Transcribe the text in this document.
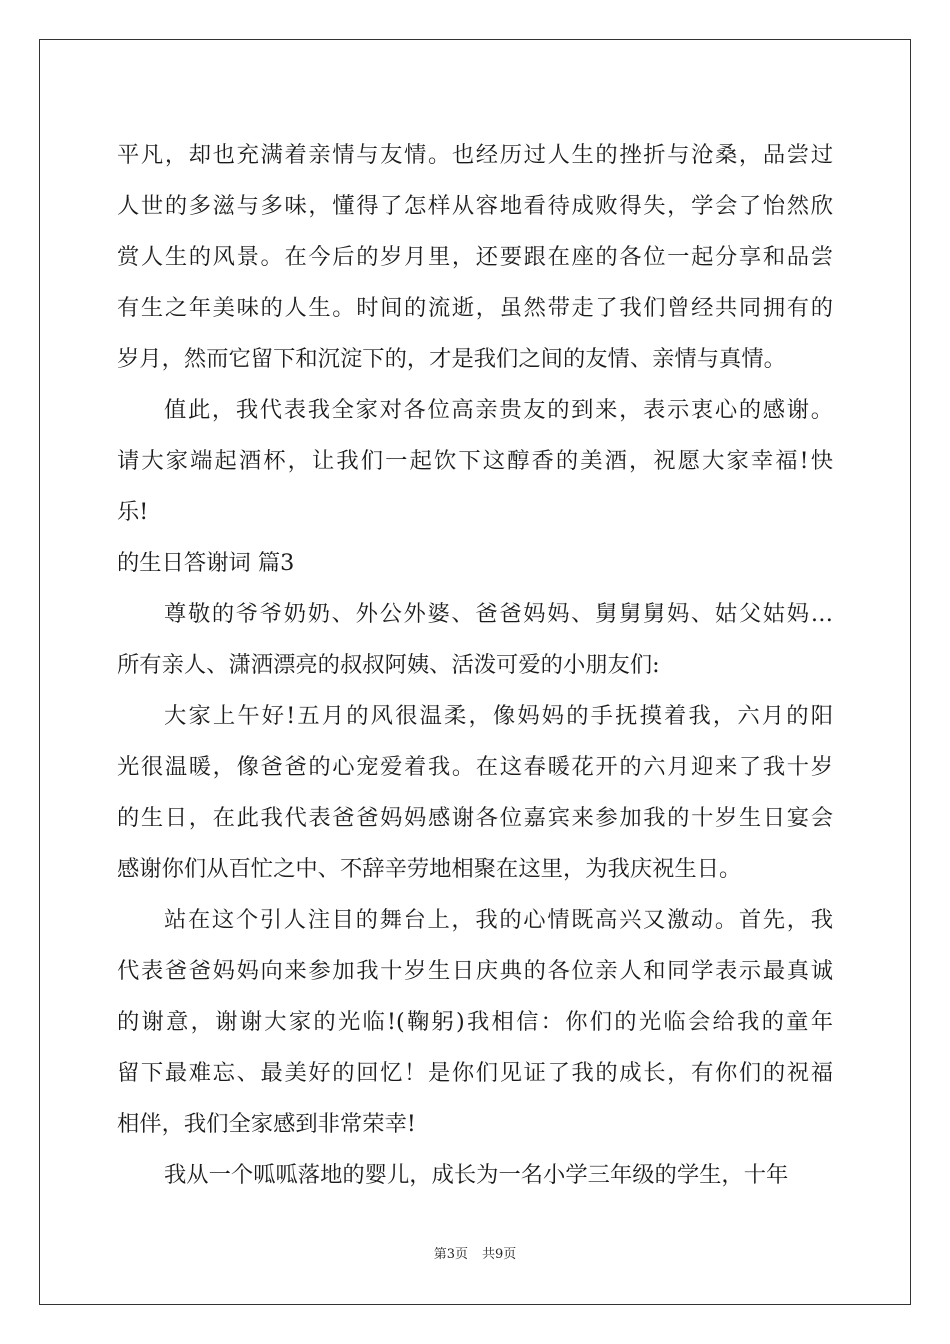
平凡，却也充满着亲情与友情。也经历过人生的挫折与沧桑，品尝过
人世的多滋与多味，懂得了怎样从容地看待成败得失，学会了怡然欣
赏人生的风景。在今后的岁月里，还要跟在座的各位一起分享和品尝
有生之年美味的人生。时间的流逝，虽然带走了我们曾经共同拥有的
岁月，然而它留下和沉淀下的，才是我们之间的友情、亲情与真情。
值此，我代表我全家对各位高亲贵友的到来，表示衷心的感谢。
请大家端起酒杯，让我们一起饮下这醇香的美酒，祝愿大家幸福!快
乐!
的生日答谢词 篇3
尊敬的爷爷奶奶、外公外婆、爸爸妈妈、舅舅舅妈、姑父姑妈…
所有亲人、潇洒漂亮的叔叔阿姨、活泼可爱的小朋友们:
大家上午好!五月的风很温柔，像妈妈的手抚摸着我，六月的阳
光很温暖，像爸爸的心宠爱着我。在这春暖花开的六月迎来了我十岁
的生日，在此我代表爸爸妈妈感谢各位嘉宾来参加我的十岁生日宴会
感谢你们从百忙之中、不辞辛劳地相聚在这里，为我庆祝生日。
站在这个引人注目的舞台上，我的心情既高兴又激动。首先，我
代表爸爸妈妈向来参加我十岁生日庆典的各位亲人和同学表示最真诚
的谢意，谢谢大家的光临!(鞠躬)我相信：你们的光临会给我的童年
留下最难忘、最美好的回忆！是你们见证了我的成长，有你们的祝福
相伴，我们全家感到非常荣幸!
我从一个呱呱落地的婴儿，成长为一名小学三年级的学生，十年
第3页 共9页
